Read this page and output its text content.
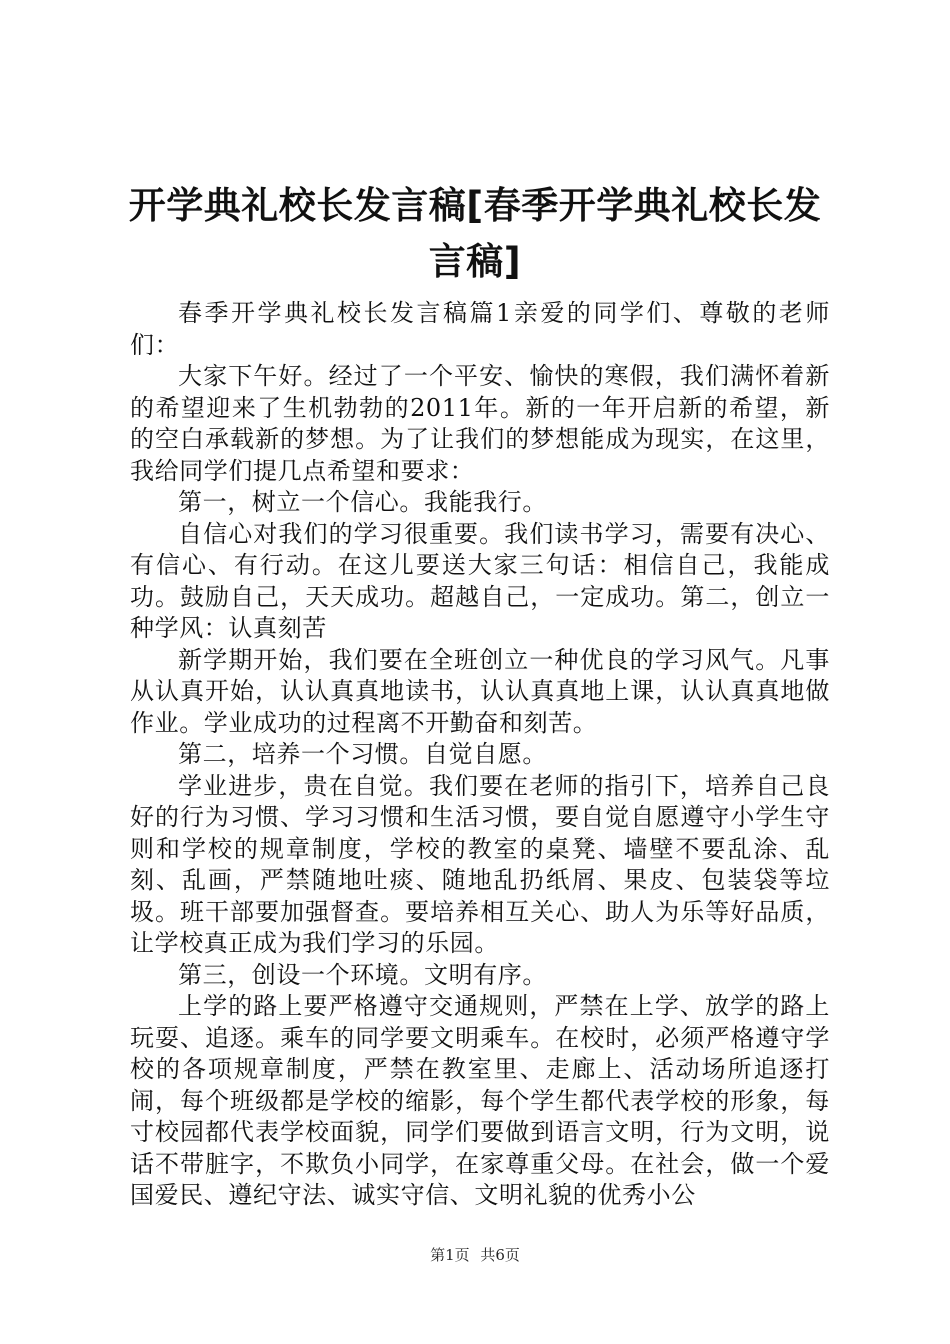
开学典礼校长发言稿[春季开学典礼校长发言稿]

春季开学典礼校长发言稿篇1亲爱的同学们、尊敬的老师们：

大家下午好。经过了一个平安、愉快的寒假，我们满怀着新的希望迎来了生机勃勃的2011年。新的一年开启新的希望，新的空白承载新的梦想。为了让我们的梦想能成为现实，在这里，我给同学们提几点希望和要求：

第一，树立一个信心。我能我行。

自信心对我们的学习很重要。我们读书学习，需要有决心、有信心、有行动。在这儿要送大家三句话：相信自己，我能成功。鼓励自己，天天成功。超越自己，一定成功。第二，创立一种学风：认真刻苦

新学期开始，我们要在全班创立一种优良的学习风气。凡事从认真开始，认认真真地读书，认认真真地上课，认认真真地做作业。学业成功的过程离不开勤奋和刻苦。

第二，培养一个习惯。自觉自愿。

学业进步，贵在自觉。我们要在老师的指引下，培养自己良好的行为习惯、学习习惯和生活习惯，要自觉自愿遵守小学生守则和学校的规章制度，学校的教室的桌凳、墙壁不要乱涂、乱刻、乱画，严禁随地吐痰、随地乱扔纸屑、果皮、包装袋等垃圾。班干部要加强督查。要培养相互关心、助人为乐等好品质，让学校真正成为我们学习的乐园。

第三，创设一个环境。文明有序。

上学的路上要严格遵守交通规则，严禁在上学、放学的路上玩耍、追逐。乘车的同学要文明乘车。在校时，必须严格遵守学校的各项规章制度，严禁在教室里、走廊上、活动场所追逐打闹，每个班级都是学校的缩影，每个学生都代表学校的形象，每寸校园都代表学校面貌，同学们要做到语言文明，行为文明，说话不带脏字，不欺负小同学，在家尊重父母。在社会，做一个爱国爱民、遵纪守法、诚实守信、文明礼貌的优秀小公

第1页 共6页
